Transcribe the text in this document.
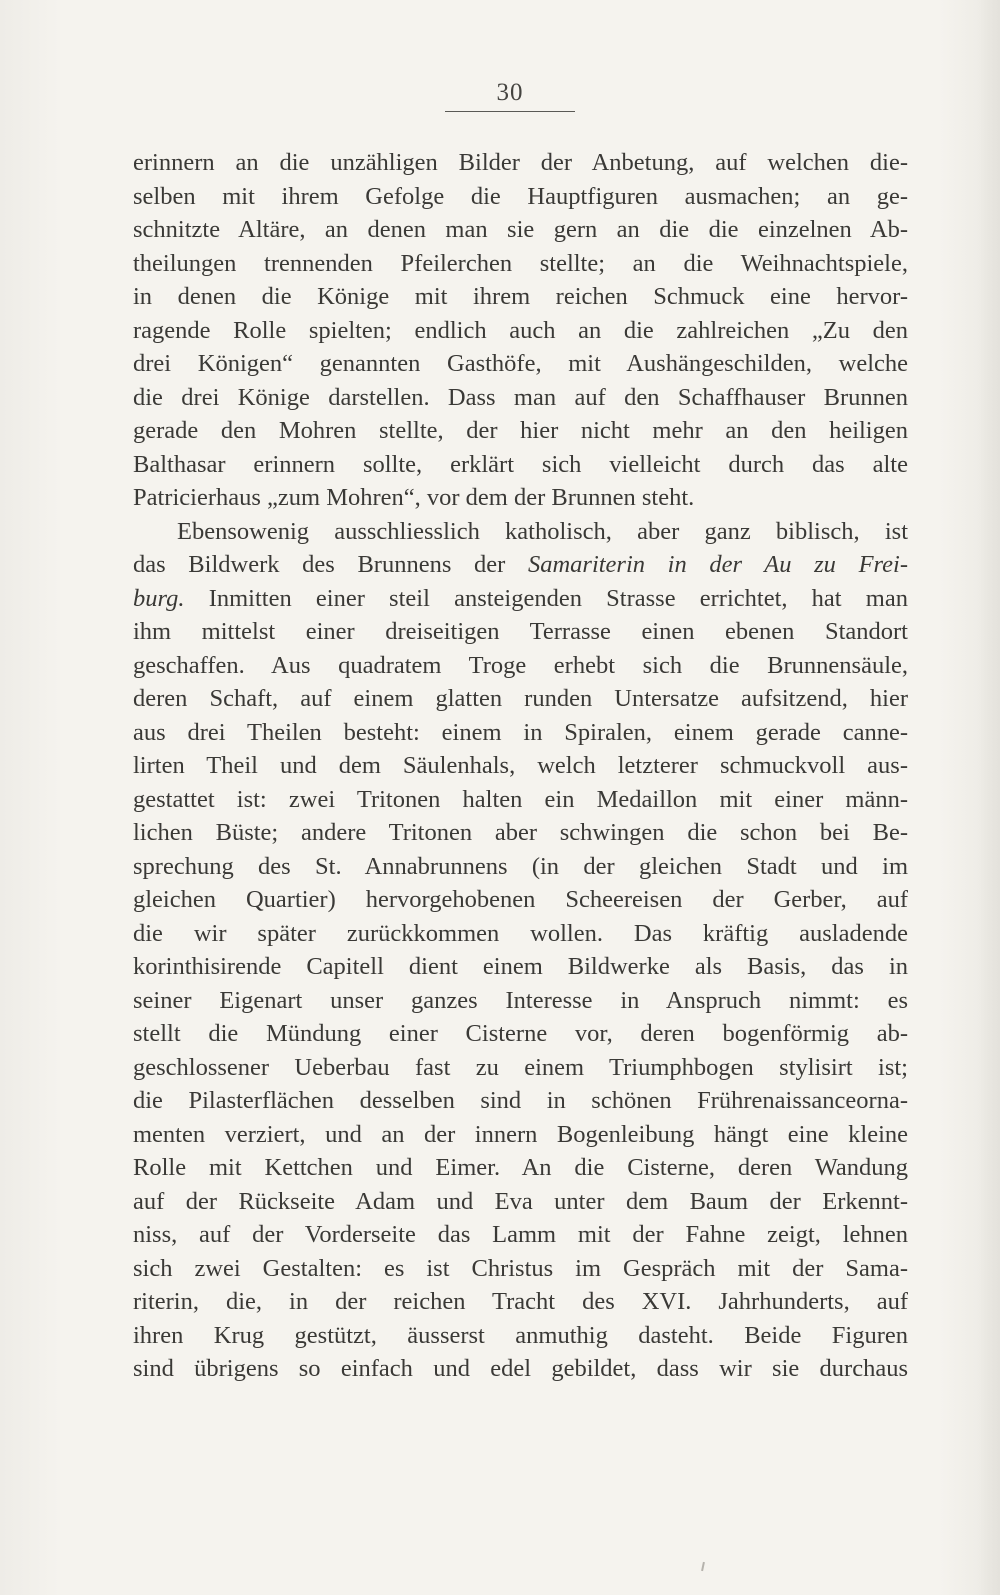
30
erinnern an die unzähligen Bilder der Anbetung, auf welchen die-
selben mit ihrem Gefolge die Hauptfiguren ausmachen; an ge-
schnitzte Altäre, an denen man sie gern an die die einzelnen Ab-
theilungen trennenden Pfeilerchen stellte; an die Weihnachtspiele,
in denen die Könige mit ihrem reichen Schmuck eine hervor-
ragende Rolle spielten; endlich auch an die zahlreichen „Zu den
drei Königen“ genannten Gasthöfe, mit Aushängeschilden, welche
die drei Könige darstellen. Dass man auf den Schaffhauser Brunnen
gerade den Mohren stellte, der hier nicht mehr an den heiligen
Balthasar erinnern sollte, erklärt sich vielleicht durch das alte
Patricierhaus „zum Mohren“, vor dem der Brunnen steht.
Ebensowenig ausschliesslich katholisch, aber ganz biblisch, ist
das Bildwerk des Brunnens der Samariterin in der Au zu Frei-
burg. Inmitten einer steil ansteigenden Strasse errichtet, hat man
ihm mittelst einer dreiseitigen Terrasse einen ebenen Standort
geschaffen. Aus quadratem Troge erhebt sich die Brunnensäule,
deren Schaft, auf einem glatten runden Untersatze aufsitzend, hier
aus drei Theilen besteht: einem in Spiralen, einem gerade canne-
lirten Theil und dem Säulenhals, welch letzterer schmuckvoll aus-
gestattet ist: zwei Tritonen halten ein Medaillon mit einer männ-
lichen Büste; andere Tritonen aber schwingen die schon bei Be-
sprechung des St. Annabrunnens (in der gleichen Stadt und im
gleichen Quartier) hervorgehobenen Scheereisen der Gerber, auf
die wir später zurückkommen wollen. Das kräftig ausladende
korinthisirende Capitell dient einem Bildwerke als Basis, das in
seiner Eigenart unser ganzes Interesse in Anspruch nimmt: es
stellt die Mündung einer Cisterne vor, deren bogenförmig ab-
geschlossener Ueberbau fast zu einem Triumphbogen stylisirt ist;
die Pilasterflächen desselben sind in schönen Frührenaissanceorna-
menten verziert, und an der innern Bogenleibung hängt eine kleine
Rolle mit Kettchen und Eimer. An die Cisterne, deren Wandung
auf der Rückseite Adam und Eva unter dem Baum der Erkennt-
niss, auf der Vorderseite das Lamm mit der Fahne zeigt, lehnen
sich zwei Gestalten: es ist Christus im Gespräch mit der Sama-
riterin, die, in der reichen Tracht des XVI. Jahrhunderts, auf
ihren Krug gestützt, äusserst anmuthig dasteht. Beide Figuren
sind übrigens so einfach und edel gebildet, dass wir sie durchaus
